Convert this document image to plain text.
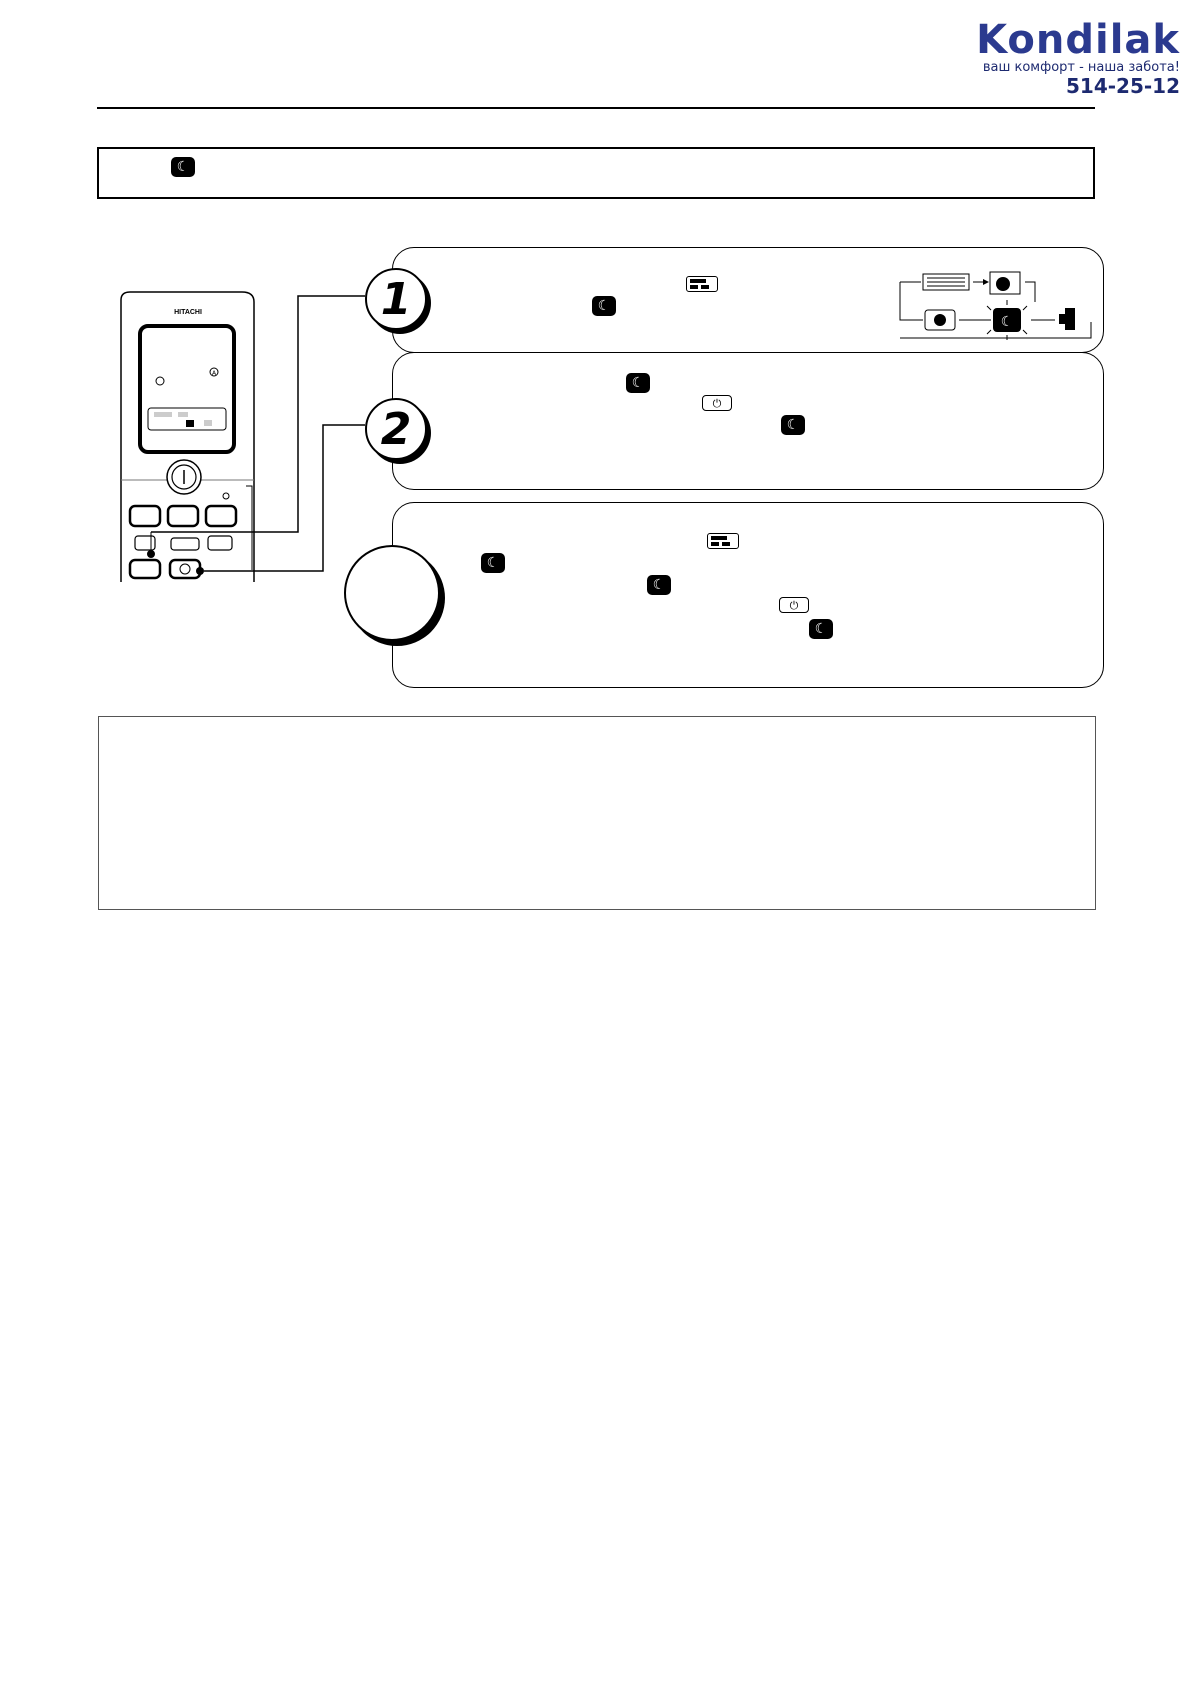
Kondilak
ваш комфорт - наша забота!
514-25-12
☾
HITACHI
A
☾
☾
☾
⏻
☾
1
2
☾
☾
⏻
☾
